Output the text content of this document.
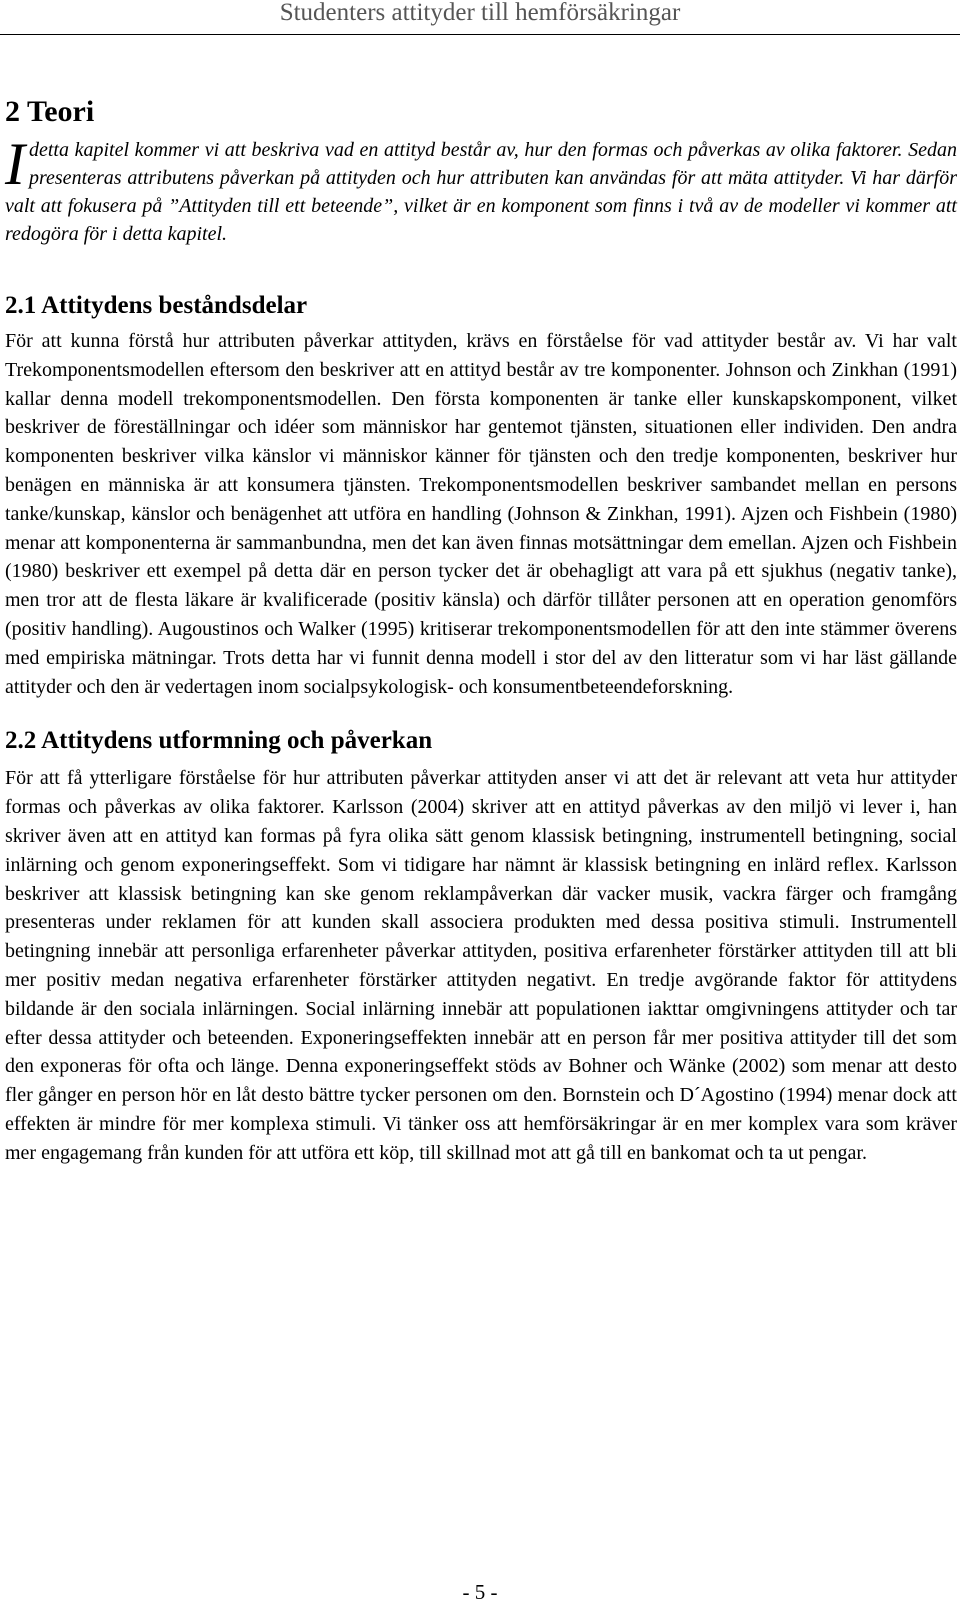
Studenters attityder till hemförsäkringar
2 Teori

Idetta kapitel kommer vi att beskriva vad en attityd består av, hur den formas och påverkas av olika faktorer. Sedan presenteras attributens påverkan på attityden och hur attributen kan användas för att mäta attityder. Vi har därför valt att fokusera på ”Attityden till ett beteende”, vilket är en komponent som finns i två av de modeller vi kommer att redogöra för i detta kapitel.

2.1 Attitydens beståndsdelar

För att kunna förstå hur attributen påverkar attityden, krävs en förståelse för vad attityder består av. Vi har valt Trekomponentsmodellen eftersom den beskriver att en attityd består av tre komponenter. Johnson och Zinkhan (1991) kallar denna modell trekomponentsmodellen. Den första komponenten är tanke eller kunskapskomponent, vilket beskriver de föreställningar och idéer som människor har gentemot tjänsten, situationen eller individen. Den andra komponenten beskriver vilka känslor vi människor känner för tjänsten och den tredje komponenten, beskriver hur benägen en människa är att konsumera tjänsten. Trekomponentsmodellen beskriver sambandet mellan en persons tanke/kunskap, känslor och benägenhet att utföra en handling (Johnson & Zinkhan, 1991). Ajzen och Fishbein (1980) menar att komponenterna är sammanbundna, men det kan även finnas motsättningar dem emellan. Ajzen och Fishbein (1980) beskriver ett exempel på detta där en person tycker det är obehagligt att vara på ett sjukhus (negativ tanke), men tror att de flesta läkare är kvalificerade (positiv känsla) och därför tillåter personen att en operation genomförs (positiv handling). Augoustinos och Walker (1995) kritiserar trekomponentsmodellen för att den inte stämmer överens med empiriska mätningar. Trots detta har vi funnit denna modell i stor del av den litteratur som vi har läst gällande attityder och den är vedertagen inom socialpsykologisk- och konsumentbeteendeforskning.

2.2 Attitydens utformning och påverkan

För att få ytterligare förståelse för hur attributen påverkar attityden anser vi att det är relevant att veta hur attityder formas och påverkas av olika faktorer. Karlsson (2004) skriver att en attityd påverkas av den miljö vi lever i, han skriver även att en attityd kan formas på fyra olika sätt genom klassisk betingning, instrumentell betingning, social inlärning och genom exponeringseffekt. Som vi tidigare har nämnt är klassisk betingning en inlärd reflex. Karlsson beskriver att klassisk betingning kan ske genom reklampåverkan där vacker musik, vackra färger och framgång presenteras under reklamen för att kunden skall associera produkten med dessa positiva stimuli. Instrumentell betingning innebär att personliga erfarenheter påverkar attityden, positiva erfarenheter förstärker attityden till att bli mer positiv medan negativa erfarenheter förstärker attityden negativt. En tredje avgörande faktor för attitydens bildande är den sociala inlärningen. Social inlärning innebär att populationen iakttar omgivningens attityder och tar efter dessa attityder och beteenden. Exponeringseffekten innebär att en person får mer positiva attityder till det som den exponeras för ofta och länge. Denna exponeringseffekt stöds av Bohner och Wänke (2002) som menar att desto fler gånger en person hör en låt desto bättre tycker personen om den. Bornstein och D´Agostino (1994) menar dock att effekten är mindre för mer komplexa stimuli. Vi tänker oss att hemförsäkringar är en mer komplex vara som kräver mer engagemang från kunden för att utföra ett köp, till skillnad mot att gå till en bankomat och ta ut pengar.

- 5 -
